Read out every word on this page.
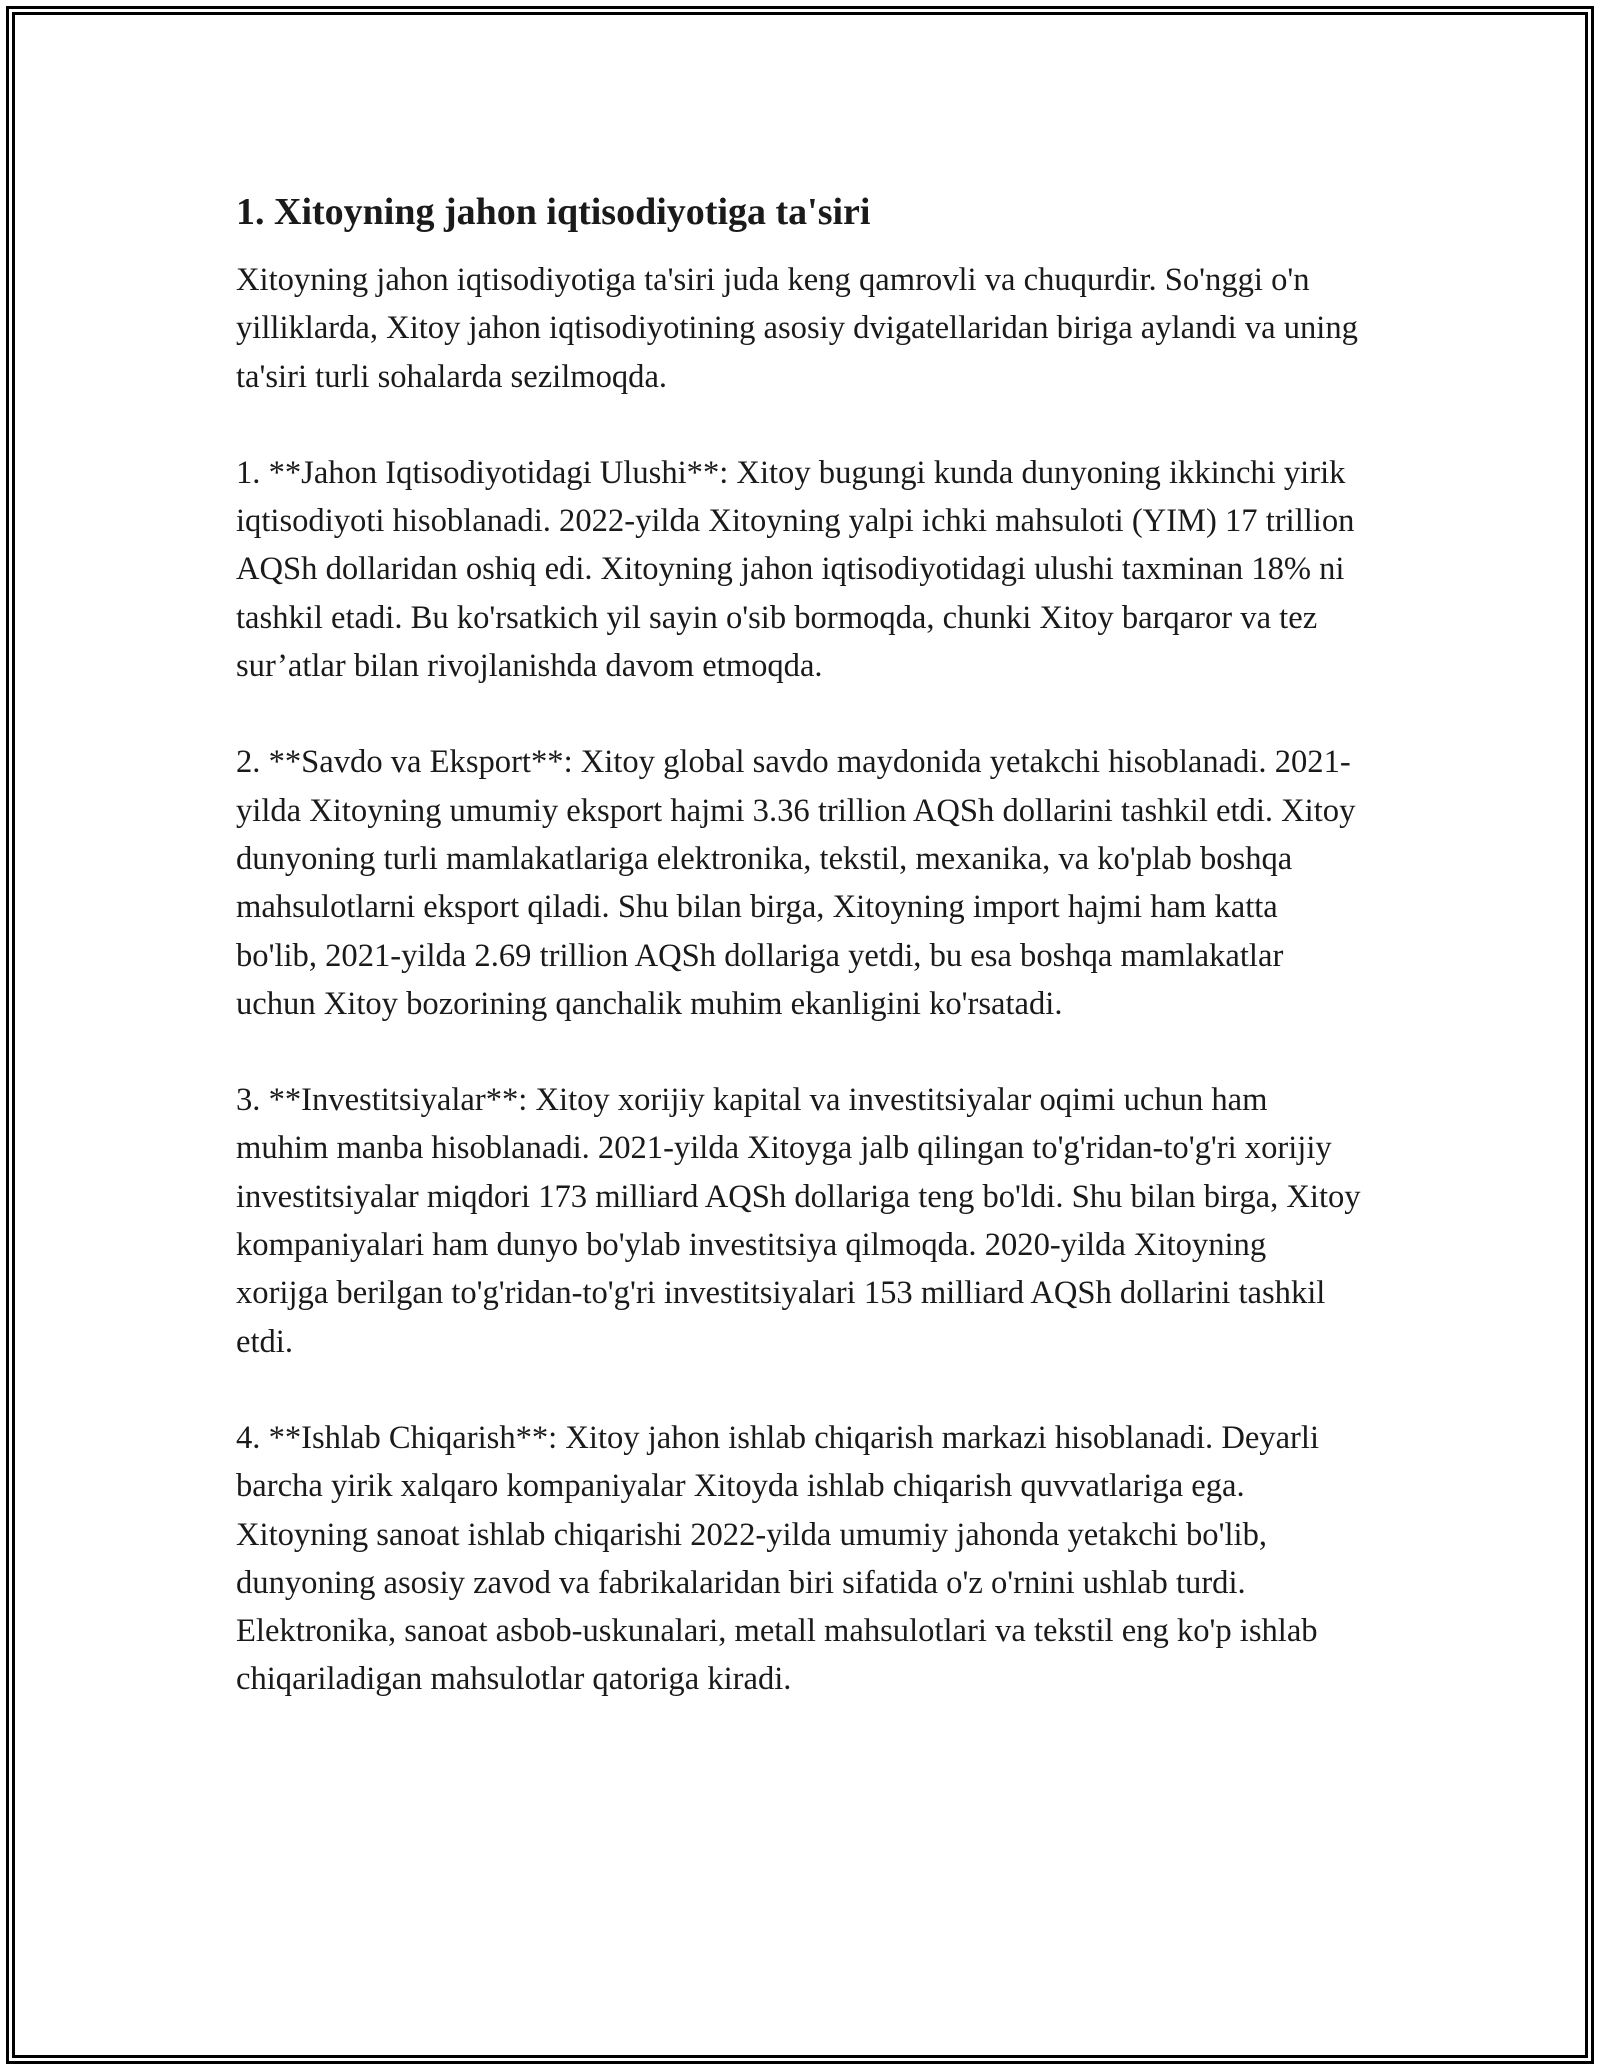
1. Xitoyning jahon iqtisodiyotiga ta'siri

Xitoyning jahon iqtisodiyotiga ta'siri juda keng qamrovli va chuqurdir. So'nggi o'n yilliklarda, Xitoy jahon iqtisodiyotining asosiy dvigatellaridan biriga aylandi va uning ta'siri turli sohalarda sezilmoqda.

1. **Jahon Iqtisodiyotidagi Ulushi**: Xitoy bugungi kunda dunyoning ikkinchi yirik iqtisodiyoti hisoblanadi. 2022-yilda Xitoyning yalpi ichki mahsuloti (YIM) 17 trillion AQSh dollaridan oshiq edi. Xitoyning jahon iqtisodiyotidagi ulushi taxminan 18% ni tashkil etadi. Bu ko'rsatkich yil sayin o'sib bormoqda, chunki Xitoy barqaror va tez sur’atlar bilan rivojlanishda davom etmoqda.

2. **Savdo va Eksport**: Xitoy global savdo maydonida yetakchi hisoblanadi. 2021-yilda Xitoyning umumiy eksport hajmi 3.36 trillion AQSh dollarini tashkil etdi. Xitoy dunyoning turli mamlakatlariga elektronika, tekstil, mexanika, va ko'plab boshqa mahsulotlarni eksport qiladi. Shu bilan birga, Xitoyning import hajmi ham katta bo'lib, 2021-yilda 2.69 trillion AQSh dollariga yetdi, bu esa boshqa mamlakatlar uchun Xitoy bozorining qanchalik muhim ekanligini ko'rsatadi.

3. **Investitsiyalar**: Xitoy xorijiy kapital va investitsiyalar oqimi uchun ham muhim manba hisoblanadi. 2021-yilda Xitoyga jalb qilingan to'g'ridan-to'g'ri xorijiy investitsiyalar miqdori 173 milliard AQSh dollariga teng bo'ldi. Shu bilan birga, Xitoy kompaniyalari ham dunyo bo'ylab investitsiya qilmoqda. 2020-yilda Xitoyning xorijga berilgan to'g'ridan-to'g'ri investitsiyalari 153 milliard AQSh dollarini tashkil etdi.

4. **Ishlab Chiqarish**: Xitoy jahon ishlab chiqarish markazi hisoblanadi. Deyarli barcha yirik xalqaro kompaniyalar Xitoyda ishlab chiqarish quvvatlariga ega. Xitoyning sanoat ishlab chiqarishi 2022-yilda umumiy jahonda yetakchi bo'lib, dunyoning asosiy zavod va fabrikalaridan biri sifatida o'z o'rnini ushlab turdi. Elektronika, sanoat asbob-uskunalari, metall mahsulotlari va tekstil eng ko'p ishlab chiqariladigan mahsulotlar qatoriga kiradi.
